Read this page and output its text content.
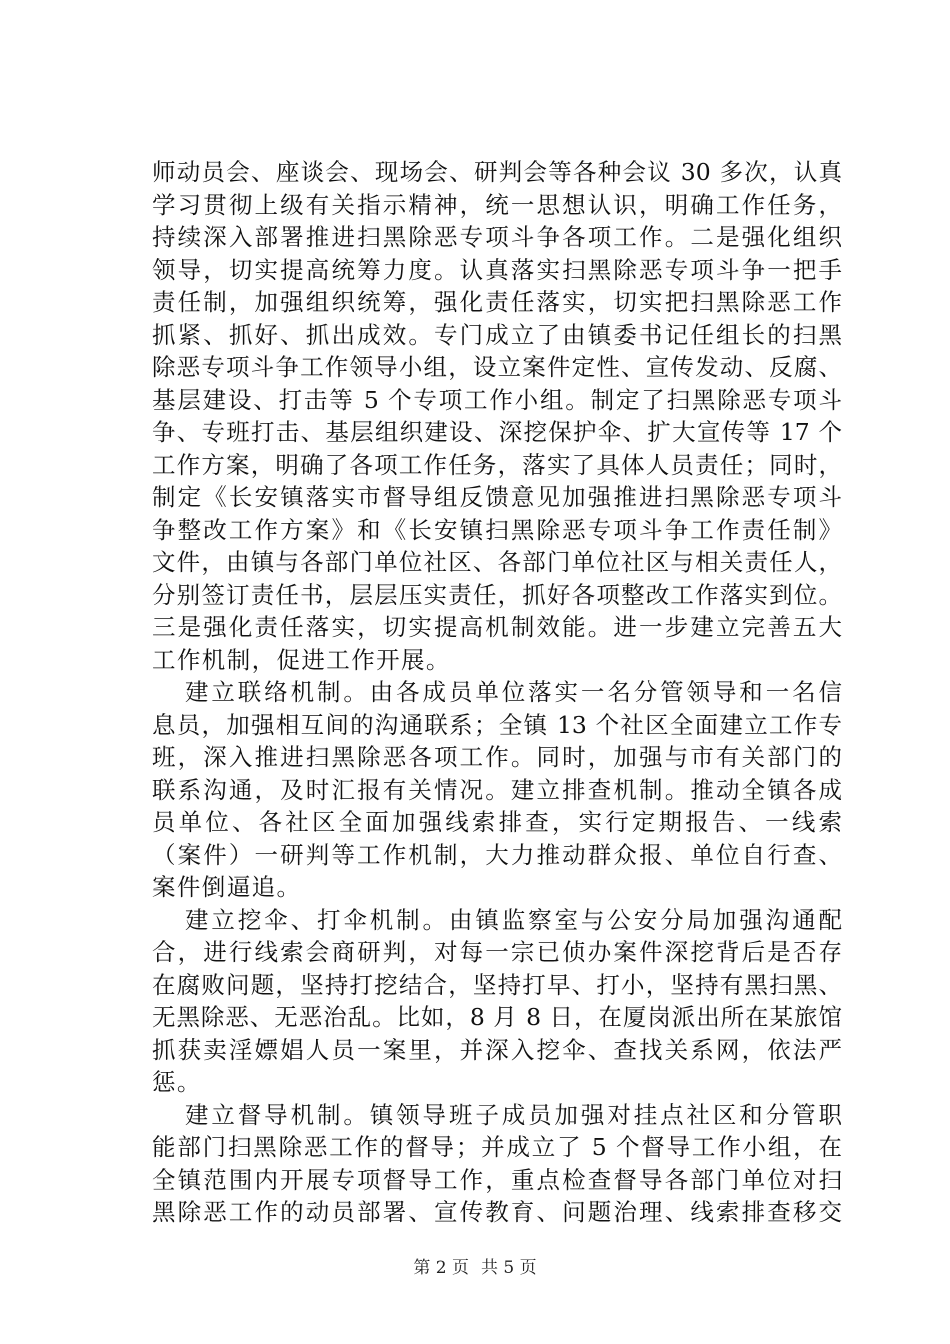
师动员会、座谈会、现场会、研判会等各种会议 30 多次，认真
学习贯彻上级有关指示精神，统一思想认识，明确工作任务，
持续深入部署推进扫黑除恶专项斗争各项工作。二是强化组织
领导，切实提高统筹力度。认真落实扫黑除恶专项斗争一把手
责任制，加强组织统筹，强化责任落实，切实把扫黑除恶工作
抓紧、抓好、抓出成效。专门成立了由镇委书记任组长的扫黑
除恶专项斗争工作领导小组，设立案件定性、宣传发动、反腐、
基层建设、打击等 5 个专项工作小组。制定了扫黑除恶专项斗
争、专班打击、基层组织建设、深挖保护伞、扩大宣传等 17 个
工作方案，明确了各项工作任务，落实了具体人员责任；同时，
制定《长安镇落实市督导组反馈意见加强推进扫黑除恶专项斗
争整改工作方案》和《长安镇扫黑除恶专项斗争工作责任制》
文件，由镇与各部门单位社区、各部门单位社区与相关责任人，
分别签订责任书，层层压实责任，抓好各项整改工作落实到位。
三是强化责任落实，切实提高机制效能。进一步建立完善五大
工作机制，促进工作开展。
建立联络机制。由各成员单位落实一名分管领导和一名信
息员，加强相互间的沟通联系；全镇 13 个社区全面建立工作专
班，深入推进扫黑除恶各项工作。同时，加强与市有关部门的
联系沟通，及时汇报有关情况。建立排查机制。推动全镇各成
员单位、各社区全面加强线索排查，实行定期报告、一线索
（案件）一研判等工作机制，大力推动群众报、单位自行查、
案件倒逼追。
建立挖伞、打伞机制。由镇监察室与公安分局加强沟通配
合，进行线索会商研判，对每一宗已侦办案件深挖背后是否存
在腐败问题，坚持打挖结合，坚持打早、打小，坚持有黑扫黑、
无黑除恶、无恶治乱。比如，8 月 8 日，在厦岗派出所在某旅馆
抓获卖淫嫖娼人员一案里，并深入挖伞、查找关系网，依法严
惩。
建立督导机制。镇领导班子成员加强对挂点社区和分管职
能部门扫黑除恶工作的督导；并成立了 5 个督导工作小组，在
全镇范围内开展专项督导工作，重点检查督导各部门单位对扫
黑除恶工作的动员部署、宣传教育、问题治理、线索排查移交
第 2 页 共 5 页
